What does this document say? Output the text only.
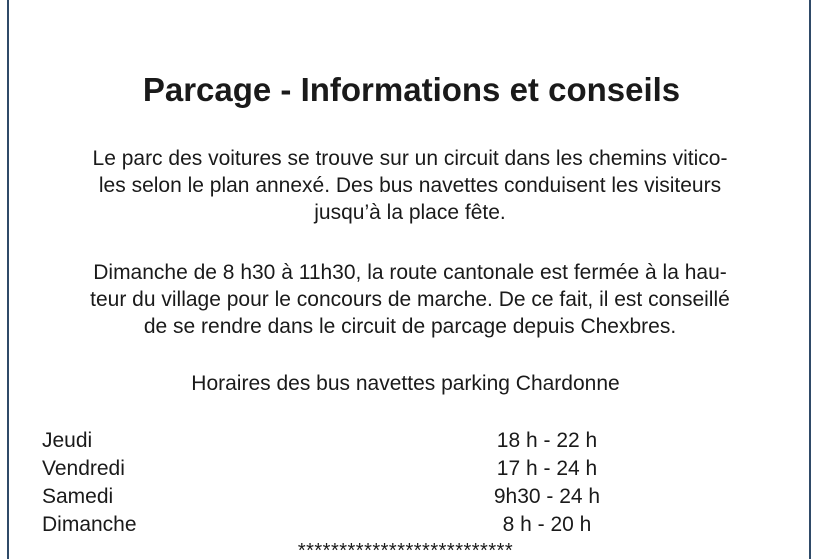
Parcage - Informations et conseils

Le parc des voitures se trouve sur un circuit dans les chemins vitico-
les selon le plan annexé. Des bus navettes conduisent les visiteurs
jusqu’à la place fête.

Dimanche de 8 h30 à 11h30, la route cantonale est fermée à la hau-
teur du village pour le concours de marche. De ce fait, il est conseillé
de se rendre dans le circuit de parcage depuis Chexbres.

Horaires des bus navettes parking Chardonne

Jeudi	18 h - 22 h
Vendredi	17 h - 24 h
Samedi	9h30 - 24 h
Dimanche	8 h - 20 h
**************************
